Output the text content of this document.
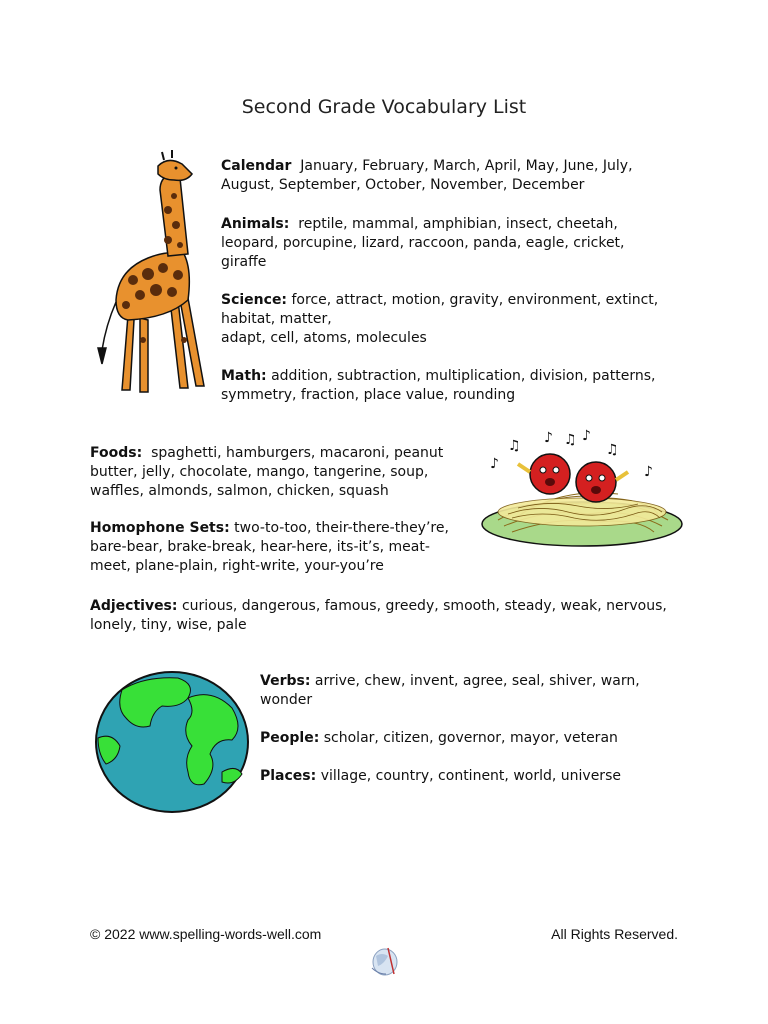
Second Grade Vocabulary List
Calendar January, February, March, April, May, June, July, August, September, October, November, December
Animals: reptile, mammal, amphibian, insect, cheetah, leopard, porcupine, lizard, raccoon, panda, eagle, cricket, giraffe
Science: force, attract, motion, gravity, environment, extinct, habitat, matter,
adapt, cell, atoms, molecules
Math: addition, subtraction, multiplication, division, patterns, symmetry, fraction, place value, rounding
Foods: spaghetti, hamburgers, macaroni, peanut butter, jelly, chocolate, mango, tangerine, soup, waffles, almonds, salmon, chicken, squash
♪
♫ ♪ ♫ ♪
♫
♪
Homophone Sets: two-to-too, their-there-they’re, bare-bear, brake-break, hear-here, its-it’s, meat-meet, plane-plain, right-write, your-you’re
Adjectives: curious, dangerous, famous, greedy, smooth, steady, weak, nervous, lonely, tiny, wise, pale
Verbs: arrive, chew, invent, agree, seal, shiver, warn, wonder
People: scholar, citizen, governor, mayor, veteran
Places: village, country, continent, world, universe
© 2022 www.spelling-words-well.com	All Rights Reserved.
